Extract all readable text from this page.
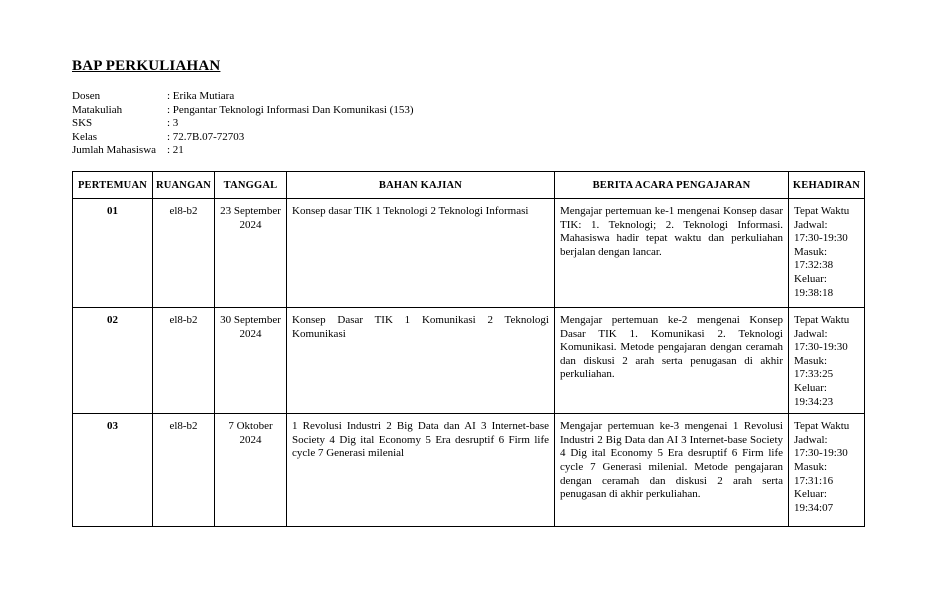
BAP PERKULIAHAN
Dosen	: Erika Mutiara
Matakuliah	: Pengantar Teknologi Informasi Dan Komunikasi (153)
SKS	: 3
Kelas	: 72.7B.07-72703
Jumlah Mahasiswa : 21
PERTEMUAN	RUANGAN	TANGGAL	BAHAN KAJIAN	BERITA ACARA PENGAJARAN	KEHADIRAN
01	el8-b2	23 September 2024	Konsep dasar TIK 1 Teknologi 2 Teknologi Informasi	Mengajar pertemuan ke-1 mengenai Konsep dasar TIK: 1. Teknologi; 2. Teknologi Informasi. Mahasiswa hadir tepat waktu dan perkuliahan berjalan dengan lancar.	Tepat Waktu Jadwal: 17:30-19:30 Masuk: 17:32:38 Keluar: 19:38:18
02	el8-b2	30 September 2024	Konsep Dasar TIK 1 Komunikasi 2 Teknologi Komunikasi	Mengajar pertemuan ke-2 mengenai Konsep Dasar TIK 1. Komunikasi 2. Teknologi Komunikasi. Metode pengajaran dengan ceramah dan diskusi 2 arah serta penugasan di akhir perkuliahan.	Tepat Waktu Jadwal: 17:30-19:30 Masuk: 17:33:25 Keluar: 19:34:23
03	el8-b2	7 Oktober 2024	1 Revolusi Industri 2 Big Data dan AI 3 Internet-base Society 4 Dig ital Economy 5 Era desruptif 6 Firm life cycle 7 Generasi milenial	Mengajar pertemuan ke-3 mengenai 1 Revolusi Industri 2 Big Data dan AI 3 Internet-base Society 4 Dig ital Economy 5 Era desruptif 6 Firm life cycle 7 Generasi milenial. Metode pengajaran dengan ceramah dan diskusi 2 arah serta penugasan di akhir perkuliahan.	Tepat Waktu Jadwal: 17:30-19:30 Masuk: 17:31:16 Keluar: 19:34:07
